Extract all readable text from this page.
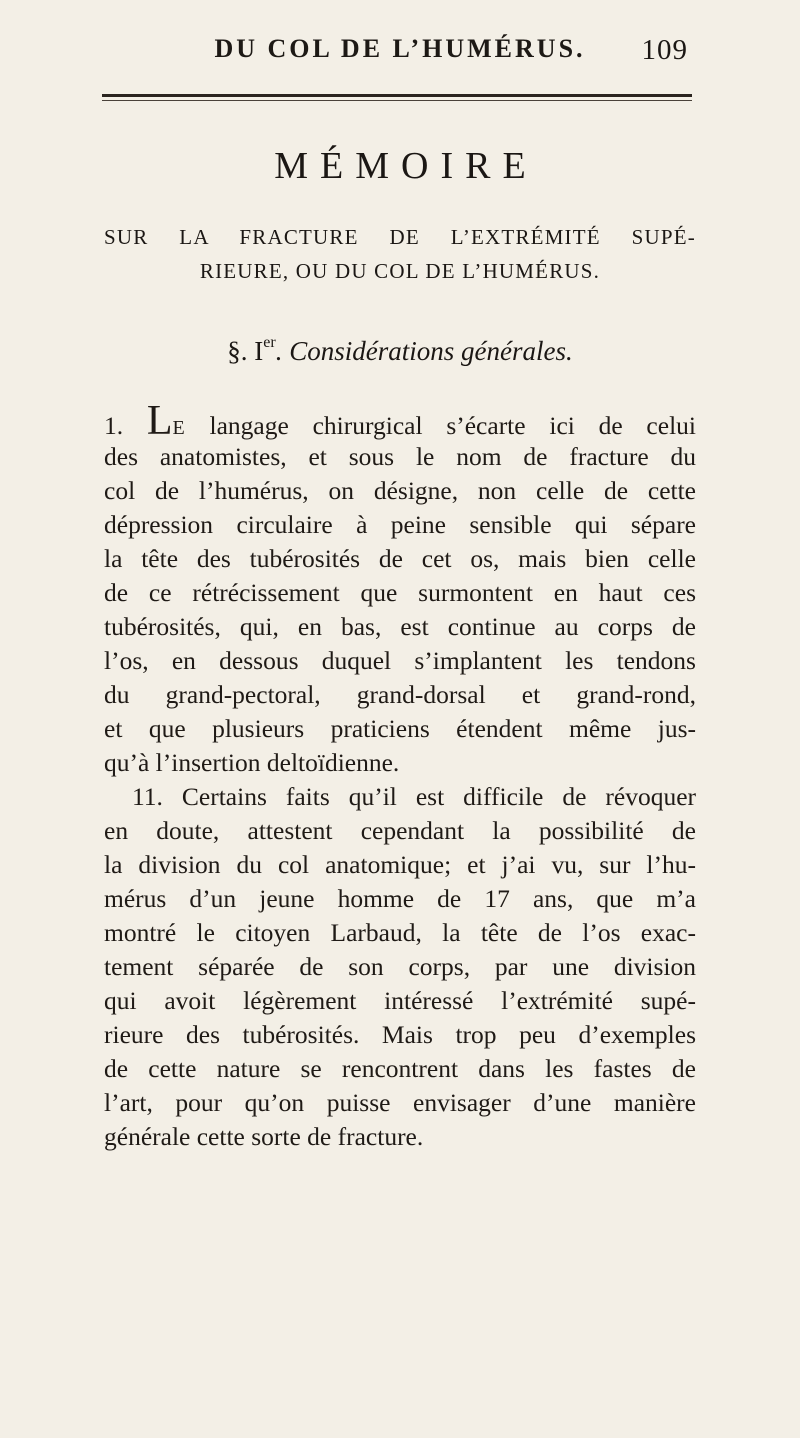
DU COL DE L’HUMÉRUS.	109
MÉMOIRE
SUR LA FRACTURE DE L’EXTRÉMITÉ SUPÉ-
RIEURE, OU DU COL DE L’HUMÉRUS.
§. Ier. Considérations générales.
1. LE langage chirurgical s’écarte ici de celui
des anatomistes, et sous le nom de fracture du
col de l’humérus, on désigne, non celle de cette
dépression circulaire à peine sensible qui sépare
la tête des tubérosités de cet os, mais bien celle
de ce rétrécissement que surmontent en haut ces
tubérosités, qui, en bas, est continue au corps de
l’os, en dessous duquel s’implantent les tendons
du grand-pectoral, grand-dorsal et grand-rond,
et que plusieurs praticiens étendent même jus-
qu’à l’insertion deltoïdienne.
11. Certains faits qu’il est difficile de révoquer
en doute, attestent cependant la possibilité de
la division du col anatomique; et j’ai vu, sur l’hu-
mérus d’un jeune homme de 17 ans, que m’a
montré le citoyen Larbaud, la tête de l’os exac-
tement séparée de son corps, par une division
qui avoit légèrement intéressé l’extrémité supé-
rieure des tubérosités. Mais trop peu d’exemples
de cette nature se rencontrent dans les fastes de
l’art, pour qu’on puisse envisager d’une manière
générale cette sorte de fracture.
